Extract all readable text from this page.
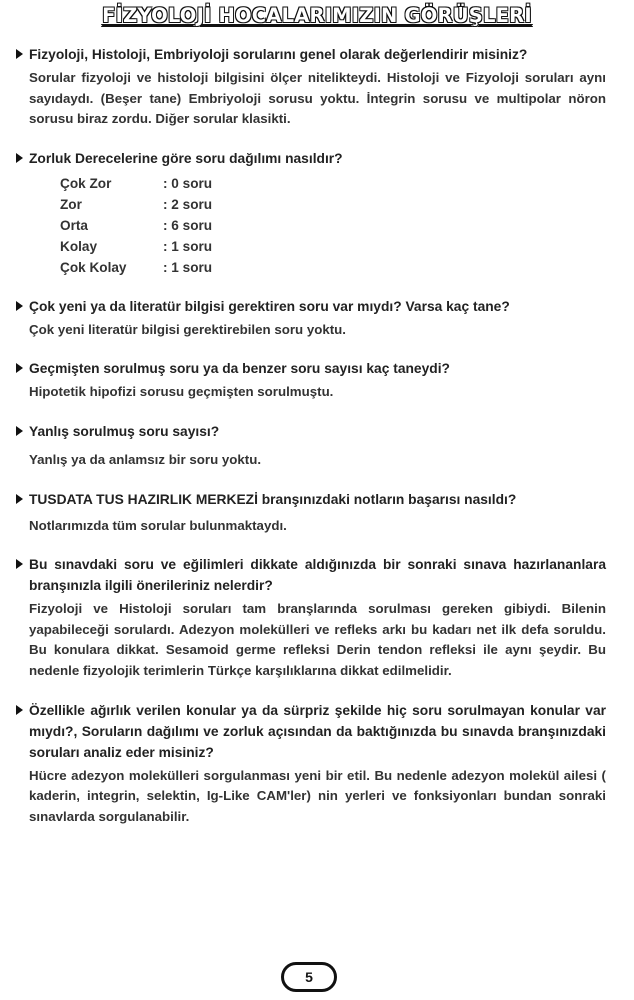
FİZYOLOJİ HOCALARIMIZIN GÖRÜŞLERİ
Fizyoloji, Histoloji, Embriyoloji sorularını genel olarak değerlendirir misiniz?
Sorular fizyoloji ve histoloji bilgisini ölçer nitelikteydi. Histoloji ve Fizyoloji soruları aynı sayıdaydı. (Beşer tane) Embriyoloji sorusu yoktu. İntegrin sorusu ve multipolar nöron sorusu biraz zordu. Diğer sorular klasikti.
Zorluk Derecelerine göre soru dağılımı nasıldır?
Çok Zor	: 0 soru
Zor	: 2 soru
Orta	: 6 soru
Kolay	: 1 soru
Çok Kolay	: 1 soru
Çok yeni ya da literatür bilgisi gerektiren soru var mıydı? Varsa kaç tane?
Çok yeni literatür bilgisi gerektirebilen soru yoktu.
Geçmişten sorulmuş soru ya da benzer soru sayısı kaç taneydi?
Hipotetik hipofizi sorusu geçmişten sorulmuştu.
Yanlış sorulmuş soru sayısı?
Yanlış ya da anlamsız bir soru yoktu.
TUSDATA TUS HAZIRLIK MERKEZİ branşınızdaki notların başarısı nasıldı?
Notlarımızda tüm sorular bulunmaktaydı.
Bu sınavdaki soru ve eğilimleri dikkate aldığınızda bir sonraki sınava hazırlananlara branşınızla ilgili önerileriniz nelerdir?
Fizyoloji ve Histoloji soruları tam branşlarında sorulması gereken gibiydi. Bilenin yapabileceği sorulardı. Adezyon molekülleri ve refleks arkı bu kadarı net ilk defa soruldu. Bu konulara dikkat. Sesamoid germe refleksi Derin tendon refleksi ile aynı şeydir. Bu nedenle fizyolojik terimlerin Türkçe karşılıklarına dikkat edilmelidir.
Özellikle ağırlık verilen konular ya da sürpriz şekilde hiç soru sorulmayan konular var mıydı?, Soruların dağılımı ve zorluk açısından da baktığınızda bu sınavda branşınızdaki soruları analiz eder misiniz?
Hücre adezyon molekülleri sorgulanması yeni bir etil. Bu nedenle adezyon molekül ailesi ( kaderin, integrin, selektin, Ig-Like CAM'ler) nin yerleri ve fonksiyonları bundan sonraki sınavlarda sorgulanabilir.
5
